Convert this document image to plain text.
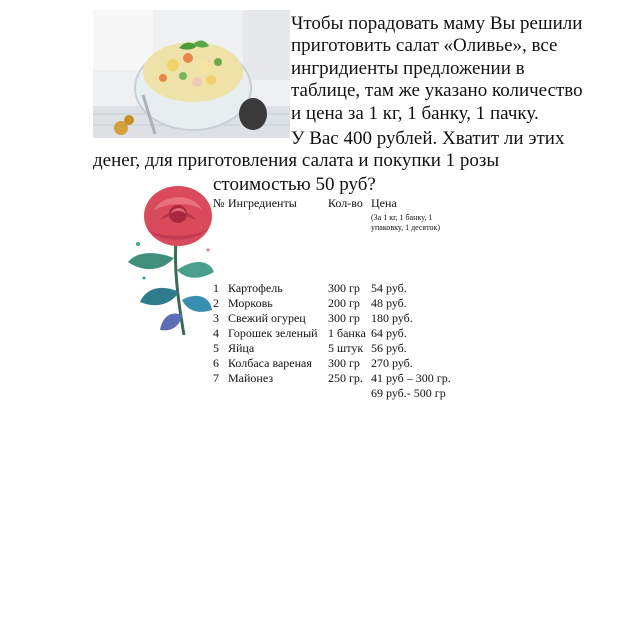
Чтобы порадовать маму Вы решили
приготовить салат «Оливье», все
ингридиенты предложении в
таблице, там же указано количество
и цена за 1 кг, 1 банку, 1 пачку.
У Вас 400 рублей. Хватит ли этих
денег, для приготовления салата и покупки 1 розы
стоимостью 50 руб?
№	Ингредиенты	Кол-во	Цена
(За 1 кг, 1 банку, 1 упаковку, 1 десяток)

1	Картофель	300 гр	54 руб.
2	Морковь	200 гр	48 руб.
3	Свежий огурец	300 гр	180 руб.
4	Горошек зеленый	1 банка	64 руб.
5	Яйца	5 штук	56 руб.
6	Колбаса вареная	300 гр	270 руб.
7	Майонез	250 гр.	41 руб – 300 гр.
69 руб.- 500 гр
